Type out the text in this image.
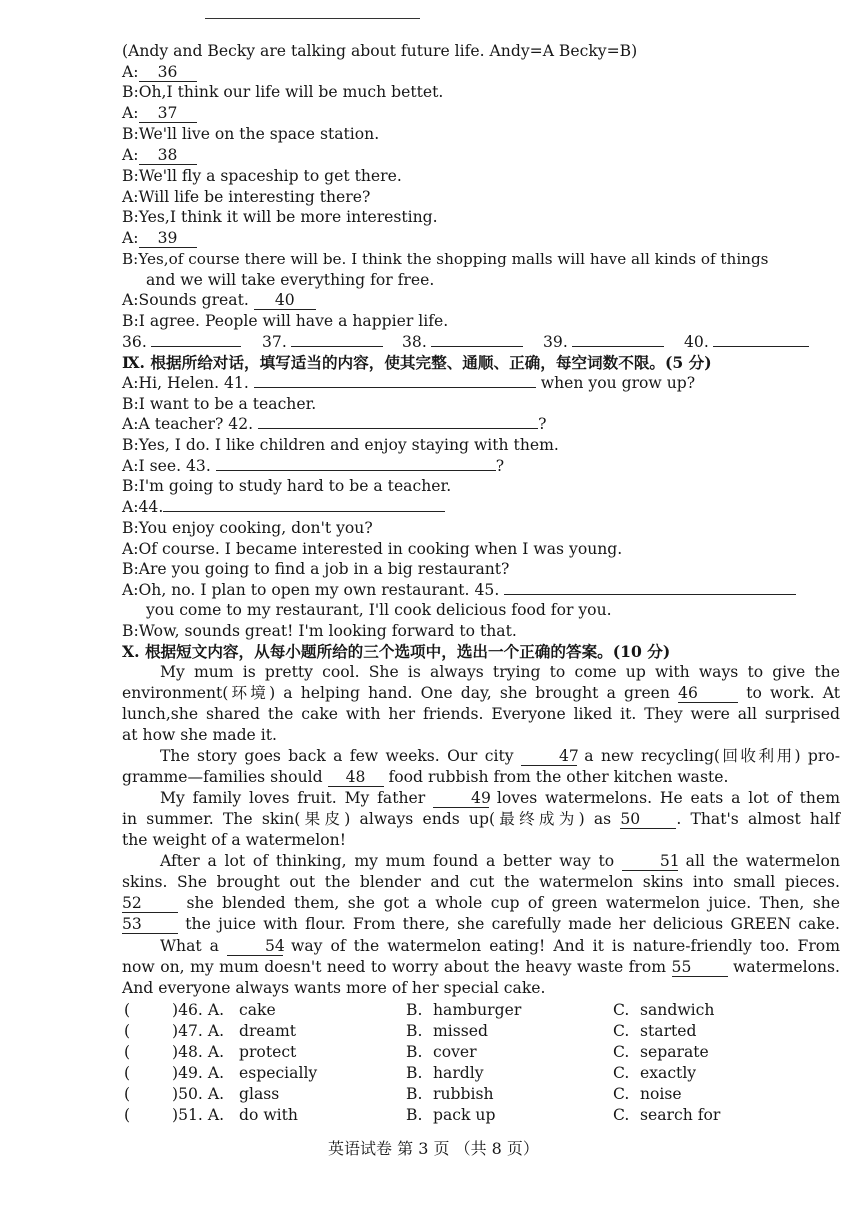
(Andy and Becky are talking about future life. Andy=A Becky=B)
A: 36
B:Oh,I think our life will be much bettet.
A: 37
B:We'll live on the space station.
A: 38
B:We'll fly a spaceship to get there.
A:Will life be interesting there?
B:Yes,I think it will be more interesting.
A: 39
B:Yes,of course there will be. I think the shopping malls will have all kinds of things
and we will take everything for free.
A:Sounds great. 40
B:I agree. People will have a happier life.
36.	37.	38.	39.	40.
Ⅸ. 根据所给对话，填写适当的内容，使其完整、通顺、正确，每空词数不限。(5 分)
A:Hi, Helen. 41.	when you grow up?
B:I want to be a teacher.
A:A teacher? 42.	?
B:Yes, I do. I like children and enjoy staying with them.
A:I see. 43.	?
B:I'm going to study hard to be a teacher.
A:44.
B:You enjoy cooking, don't you?
A:Of course. I became interested in cooking when I was young.
B:Are you going to find a job in a big restaurant?
A:Oh, no. I plan to open my own restaurant. 45.
you come to my restaurant, I'll cook delicious food for you.
B:Wow, sounds great! I'm looking forward to that.
Ⅹ. 根据短文内容，从每小题所给的三个选项中，选出一个正确的答案。(10 分)
My mum is pretty cool. She is always trying to come up with ways to give the
environment(环境) a helping hand. One day, she brought a green 46	to work. At
lunch,she shared the cake with her friends. Everyone liked it. They were all surprised
at how she made it.
The story goes back a few weeks. Our city 47 a new recycling(回收利用) pro-
gramme—families should 48 food rubbish from the other kitchen waste.
My family loves fruit. My father 49 loves watermelons. He eats a lot of them
in summer. The skin(果皮) always ends up(最终成为) as 50 . That's almost half
the weight of a watermelon!
After a lot of thinking, my mum found a better way to 51 all the watermelon
skins. She brought out the blender and cut the watermelon skins into small pieces.
52 she blended them, she got a whole cup of green watermelon juice. Then, she
53 the juice with flour. From there, she carefully made her delicious GREEN cake.
What a 54 way of the watermelon eating! And it is nature-friendly too. From
now on, my mum doesn't need to worry about the heavy waste from 55 watermelons.
And everyone always wants more of her special cake.
(	)46. A. cake	B. hamburger	C. sandwich
(	)47. A. dreamt	B. missed	C. started
(	)48. A. protect	B. cover	C. separate
(	)49. A. especially	B. hardly	C. exactly
(	)50. A. glass	B. rubbish	C. noise
(	)51. A. do with	B. pack up	C. search for
英语试卷 第 3 页 （共 8 页）
